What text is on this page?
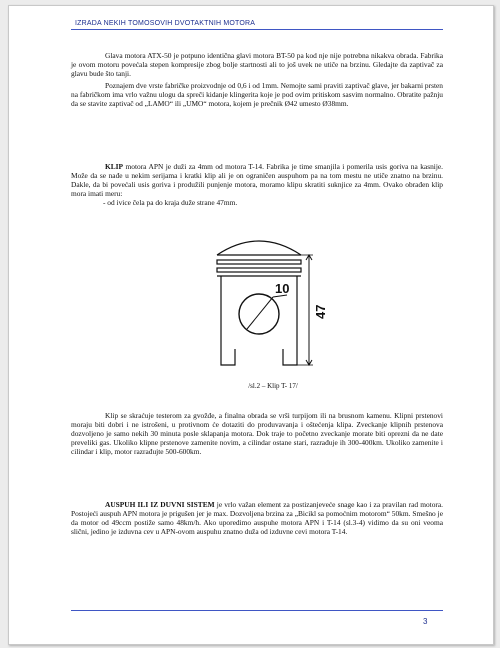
IZRADA NEKIH TOMOSOVIH DVOTAKTNIH MOTORA

Glava motora ATX-50 je potpuno identična glavi motora BT-50 pa kod nje nije potrebna nikakva obrada. Fabrika je ovom motoru povećala stepen kompresije zbog bolje startnosti ali to još uvek ne utiče na brzinu. Gledajte da zaptivač za glavu bude što tanji.

Poznajem dve vrste fabričke proizvodnje od 0,6 i od 1mm. Nemojte sami praviti zaptivač glave, jer bakarni prsten na fabričkom ima vrlo važnu ulogu da spreči kidanje klingerita koje je pod ovim pritiskom sasvim normalno. Obratite pažnju da se stavite zaptivač od „LAMO“ ili „UMO“ motora, kojem je prečnik Ø42 umesto Ø38mm.

KLIP motora APN je duži za 4mm od motora T-14. Fabrika je time smanjila i pomerila usis goriva na kasnije. Može da se nađe u nekim serijama i kratki klip ali je on ograničen auspuhom pa na tom mestu ne utiče znatno na brzinu. Dakle, da bi povećali usis goriva i produžili punjenje motora, moramo klipu skratiti suknjice za 4mm. Ovako obrađen klip mora imati meru:
- od ivice čela pa do kraja duže strane 47mm.

10
47
/sl.2 – Klip T- 17/

Klip se skraćuje testerom za gvožđe, a finalna obrada se vrši turpijom ili na brusnom kamenu. Klipni prstenovi moraju biti dobri i ne istrošeni, u protivnom će dotaziti do produvavanja i oštećenja klipa. Zveckanje klipnih prstenova dozvoljeno je samo nekih 30 minuta posle sklapanja motora. Dok traje to početno zveckanje morate biti oprezni da ne date preveliki gas. Ukoliko klipne prstenove zamenite novim, a cilindar ostane stari, razrađuje ih 300-400km. Ukoliko zamenite i cilindar i klip, motor razrađujte 500-600km.

AUSPUH ILI IZ DUVNI SISTEM je vrlo važan element za postizanjeveće snage kao i za pravilan rad motora. Postojeći auspuh APN motora je prigušen jer je max. Dozvoljena brzina za „Bicikl sa pomoćnim motorom“ 50km. Smešno je da motor od 49ccm postiže samo 48km/h. Ako uporedimo auspuhe motora APN i T-14 (sl.3-4) vidimo da su oni veoma slični, jedino je izduvna cev u APN-ovom auspuhu znatno duža od izduvne cevi motora T-14.

3
